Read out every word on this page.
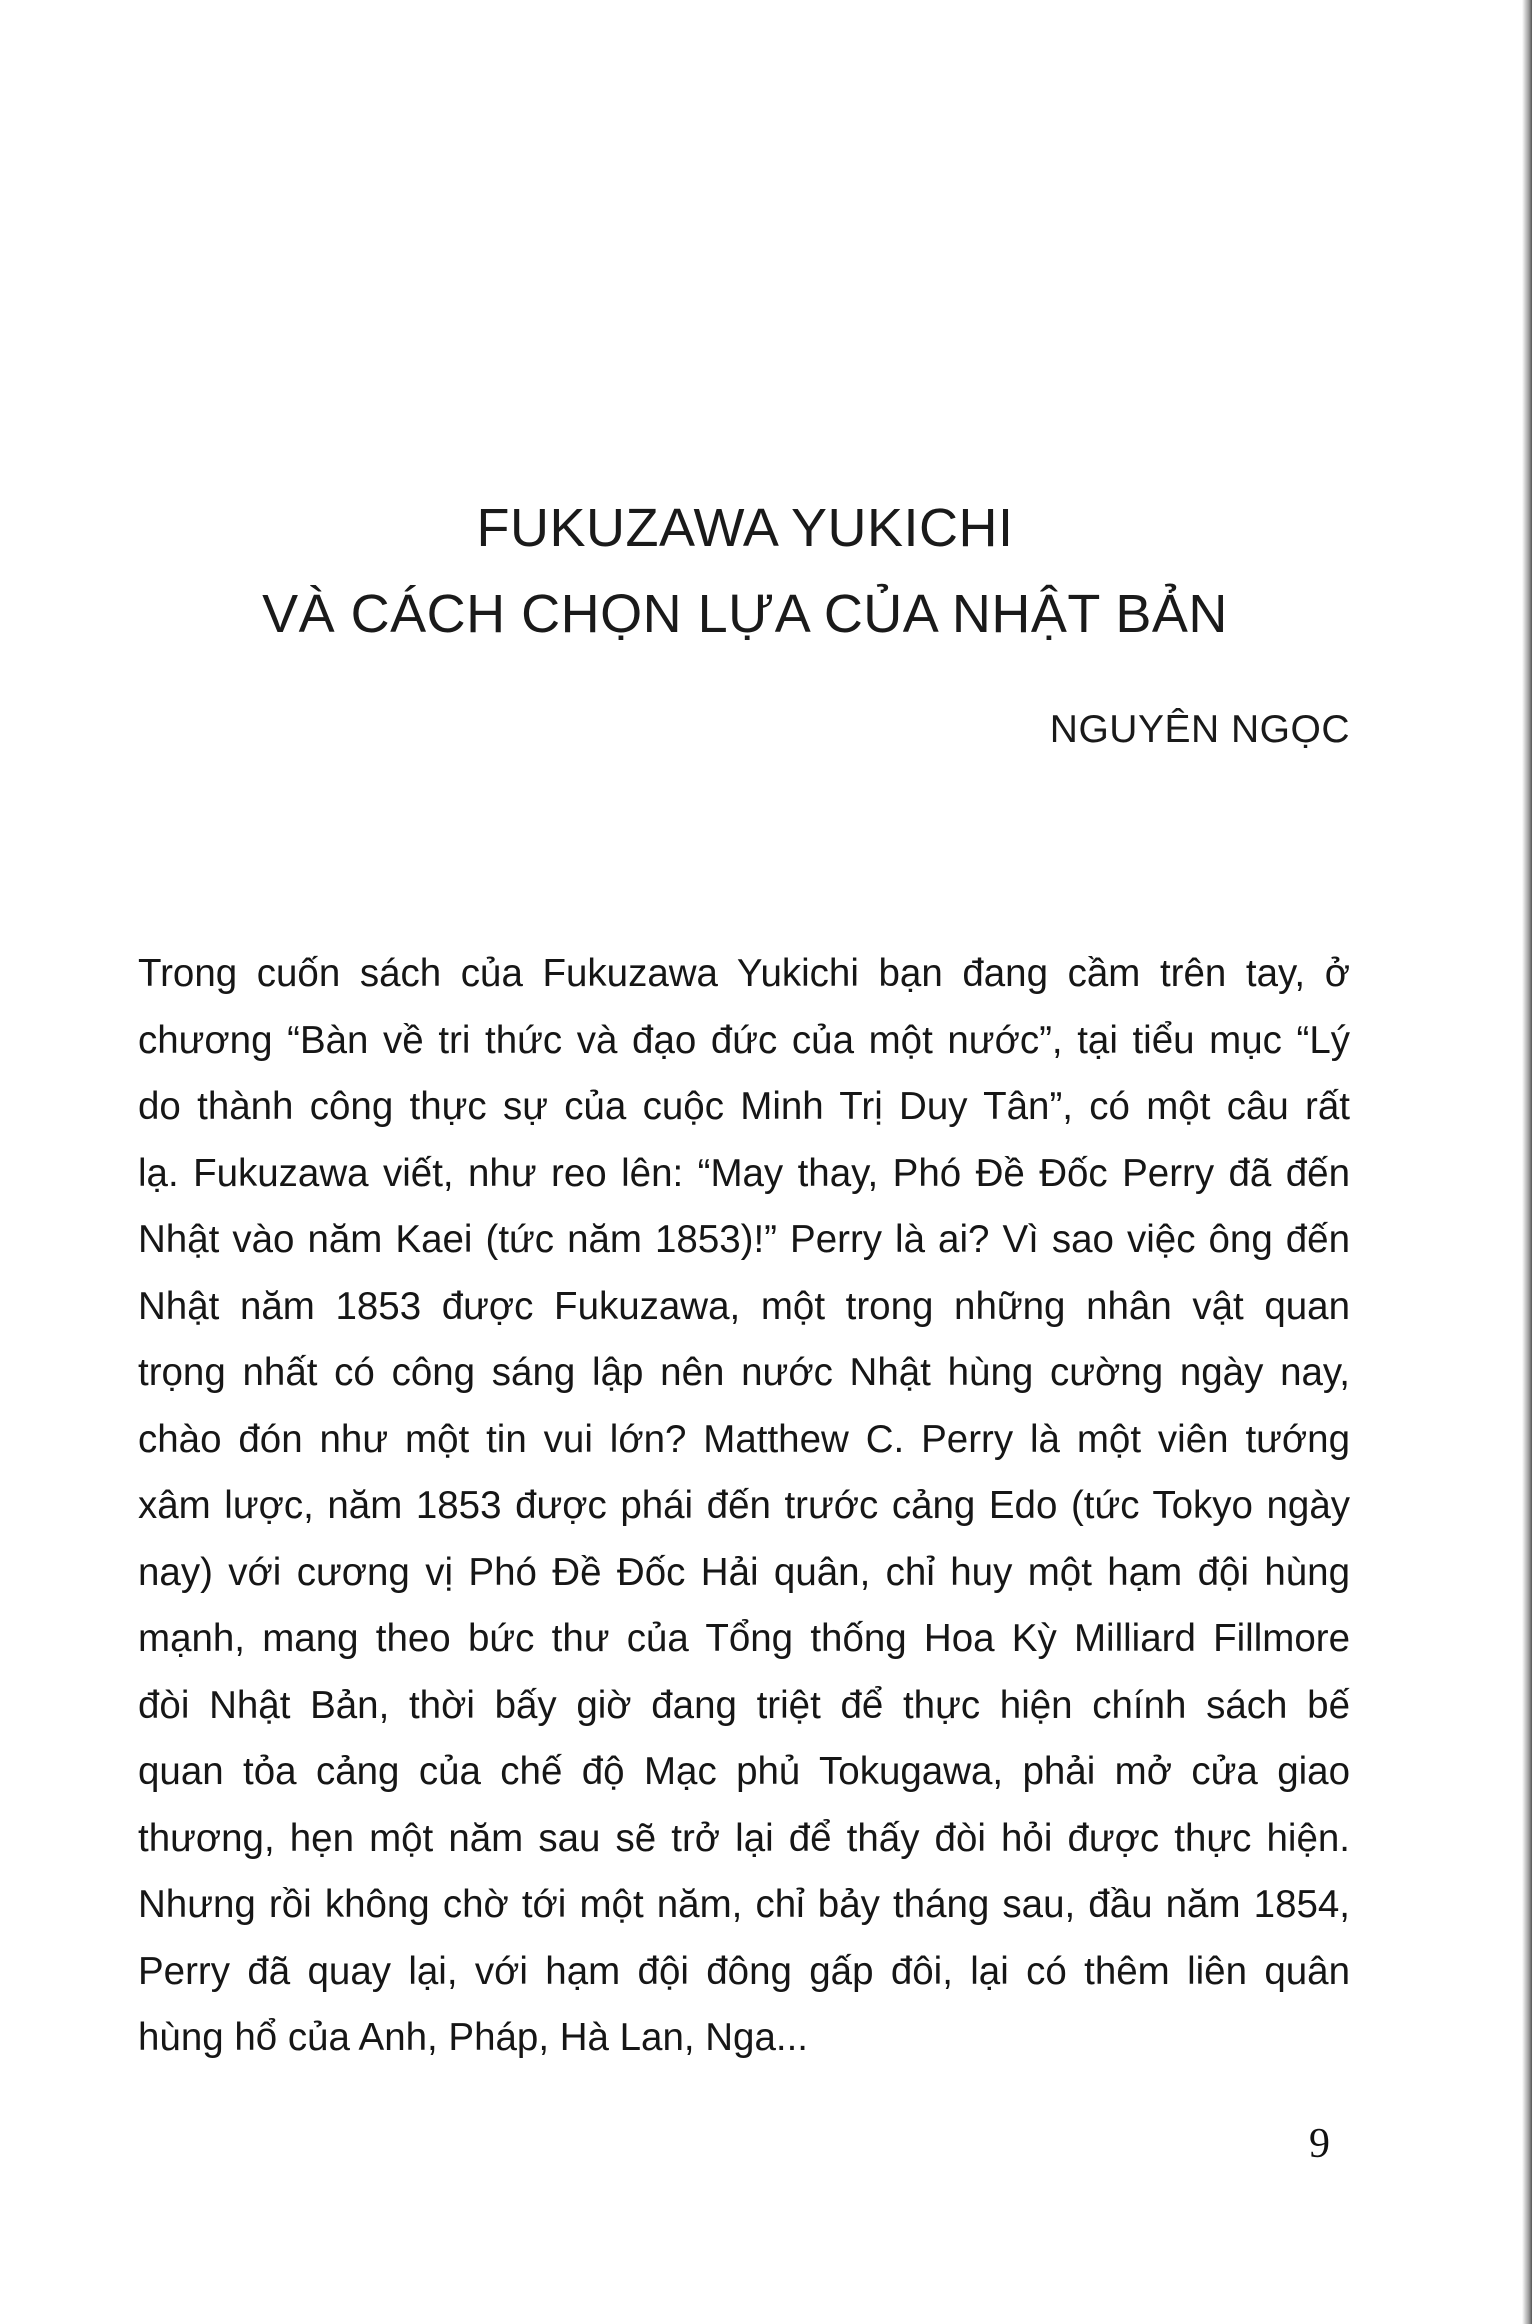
FUKUZAWA YUKICHI
VÀ CÁCH CHỌN LỰA CỦA NHẬT BẢN
NGUYÊN NGỌC
Trong cuốn sách của Fukuzawa Yukichi bạn đang cầm trên tay, ở
chương “Bàn về tri thức và đạo đức của một nước”, tại tiểu mục “Lý
do thành công thực sự của cuộc Minh Trị Duy Tân”, có một câu rất
lạ. Fukuzawa viết, như reo lên: “May thay, Phó Đề Đốc Perry đã đến
Nhật vào năm Kaei (tức năm 1853)!” Perry là ai? Vì sao việc ông đến
Nhật năm 1853 được Fukuzawa, một trong những nhân vật quan
trọng nhất có công sáng lập nên nước Nhật hùng cường ngày nay,
chào đón như một tin vui lớn? Matthew C. Perry là một viên tướng
xâm lược, năm 1853 được phái đến trước cảng Edo (tức Tokyo ngày
nay) với cương vị Phó Đề Đốc Hải quân, chỉ huy một hạm đội hùng
mạnh, mang theo bức thư của Tổng thống Hoa Kỳ Milliard Fillmore
đòi Nhật Bản, thời bấy giờ đang triệt để thực hiện chính sách bế
quan tỏa cảng của chế độ Mạc phủ Tokugawa, phải mở cửa giao
thương, hẹn một năm sau sẽ trở lại để thấy đòi hỏi được thực hiện.
Nhưng rồi không chờ tới một năm, chỉ bảy tháng sau, đầu năm 1854,
Perry đã quay lại, với hạm đội đông gấp đôi, lại có thêm liên quân
hùng hổ của Anh, Pháp, Hà Lan, Nga...
9
